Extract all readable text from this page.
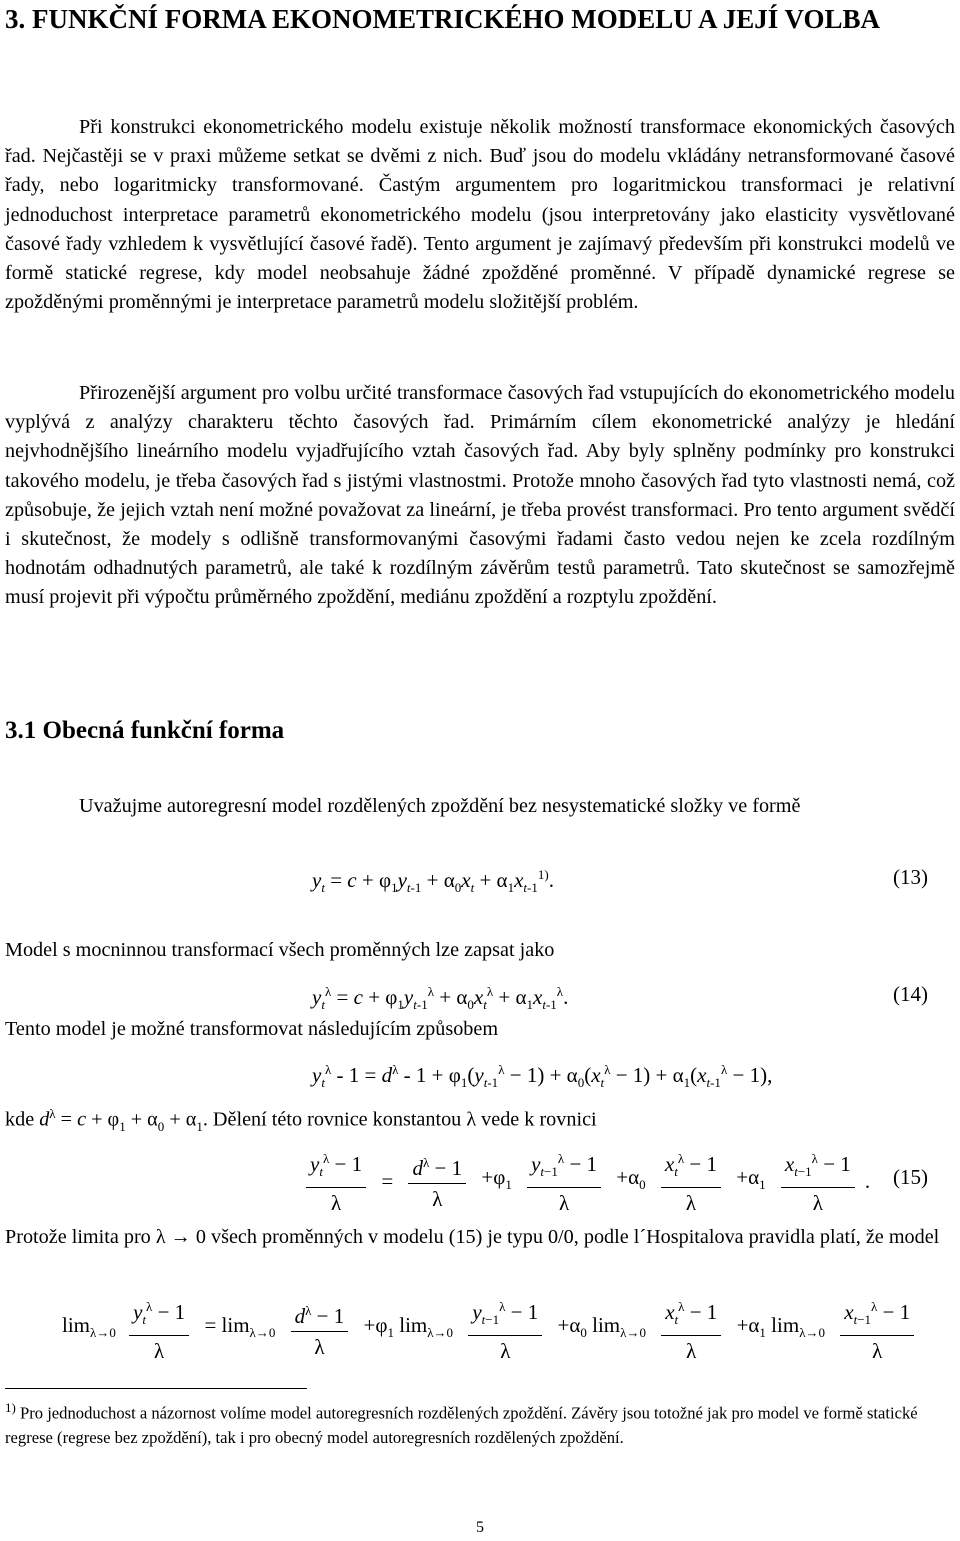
3. FUNKČNÍ FORMA EKONOMETRICKÉHO MODELU A JEJÍ VOLBA

Při konstrukci ekonometrického modelu existuje několik možností transformace ekonomických časových řad. Nejčastěji se v praxi můžeme setkat se dvěmi z nich. Buď jsou do modelu vkládány netransformované časové řady, nebo logaritmicky transformované. Častým argumentem pro logaritmickou transformaci je relativní jednoduchost interpretace parametrů ekonometrického modelu (jsou interpretovány jako elasticity vysvětlované časové řady vzhledem k vysvětlující časové řadě). Tento argument je zajímavý především při konstrukci modelů ve formě statické regrese, kdy model neobsahuje žádné zpožděné proměnné. V případě dynamické regrese se zpožděnými proměnnými je interpretace parametrů modelu složitější problém.

Přirozenější argument pro volbu určité transformace časových řad vstupujících do ekonometrického modelu vyplývá z analýzy charakteru těchto časových řad. Primárním cílem ekonometrické analýzy je hledání nejvhodnějšího lineárního modelu vyjadřujícího vztah časových řad. Aby byly splněny podmínky pro konstrukci takového modelu, je třeba časových řad s jistými vlastnostmi. Protože mnoho časových řad tyto vlastnosti nemá, což způsobuje, že jejich vztah není možné považovat za lineární, je třeba provést transformaci. Pro tento argument svědčí i skutečnost, že modely s odlišně transformovanými časovými řadami často vedou nejen ke zcela rozdílným hodnotám odhadnutých parametrů, ale také k rozdílným závěrům testů parametrů. Tato skutečnost se samozřejmě musí projevit při výpočtu průměrného zpoždění, mediánu zpoždění a rozptylu zpoždění.

3.1 Obecná funkční forma

Uvažujme autoregresní model rozdělených zpoždění bez nesystematické složky ve formě

$y_t = c + \varphi_1y_{t-1} + \alpha_0x_t + \alpha_1x_{t-1}^{1)}$.	(13)

Model s mocninnou transformací všech proměnných lze zapsat jako

$y_t^\lambda = c + \varphi_1y_{t-1}^\lambda + \alpha_0x_t^\lambda + \alpha_1x_{t-1}^\lambda$.	(14)

Tento model je možné transformovat následujícím způsobem

$y_t^\lambda - 1 = d^\lambda - 1 + \varphi_1(y_{t-1}^\lambda - 1) + \alpha_0(x_t^\lambda - 1) + \alpha_1(x_{t-1}^\lambda - 1)$,
kde $d^\lambda = c + \varphi_1 + \alpha_0 + \alpha_1$. Dělení této rovnice konstantou λ vede k rovnici
$\frac{y_t^\lambda - 1}{\lambda} = \frac{d^\lambda - 1}{\lambda} +\varphi_1 \frac{y_{t-1}^\lambda - 1}{\lambda} +\alpha_0 \frac{x_t^\lambda - 1}{\lambda} +\alpha_1 \frac{x_{t-1}^\lambda - 1}{\lambda}$ . (15)

Protože limita pro λ → 0 všech proměnných v modelu (15) je typu 0/0, podle l´Hospitalova pravidla platí, že model

$\lim_{\lambda\to 0} \frac{y_t^\lambda - 1}{\lambda} = \lim_{\lambda\to 0} \frac{d^\lambda - 1}{\lambda} +\varphi_1$ $\lim_{\lambda\to 0} \frac{y_{t-1}^\lambda - 1}{\lambda} +\alpha_0$ $\lim_{\lambda\to 0} \frac{x_t^\lambda - 1}{\lambda} +\alpha_1$ $\lim_{\lambda\to 0} \frac{x_{t-1}^\lambda - 1}{\lambda}$

$^{1)}$ Pro jednoduchost a názornost volíme model autoregresních rozdělených zpoždění. Závěry jsou totožné jak pro model ve formě statické regrese (regrese bez zpoždění), tak i pro obecný model autoregresních rozdělených zpoždění.

5
